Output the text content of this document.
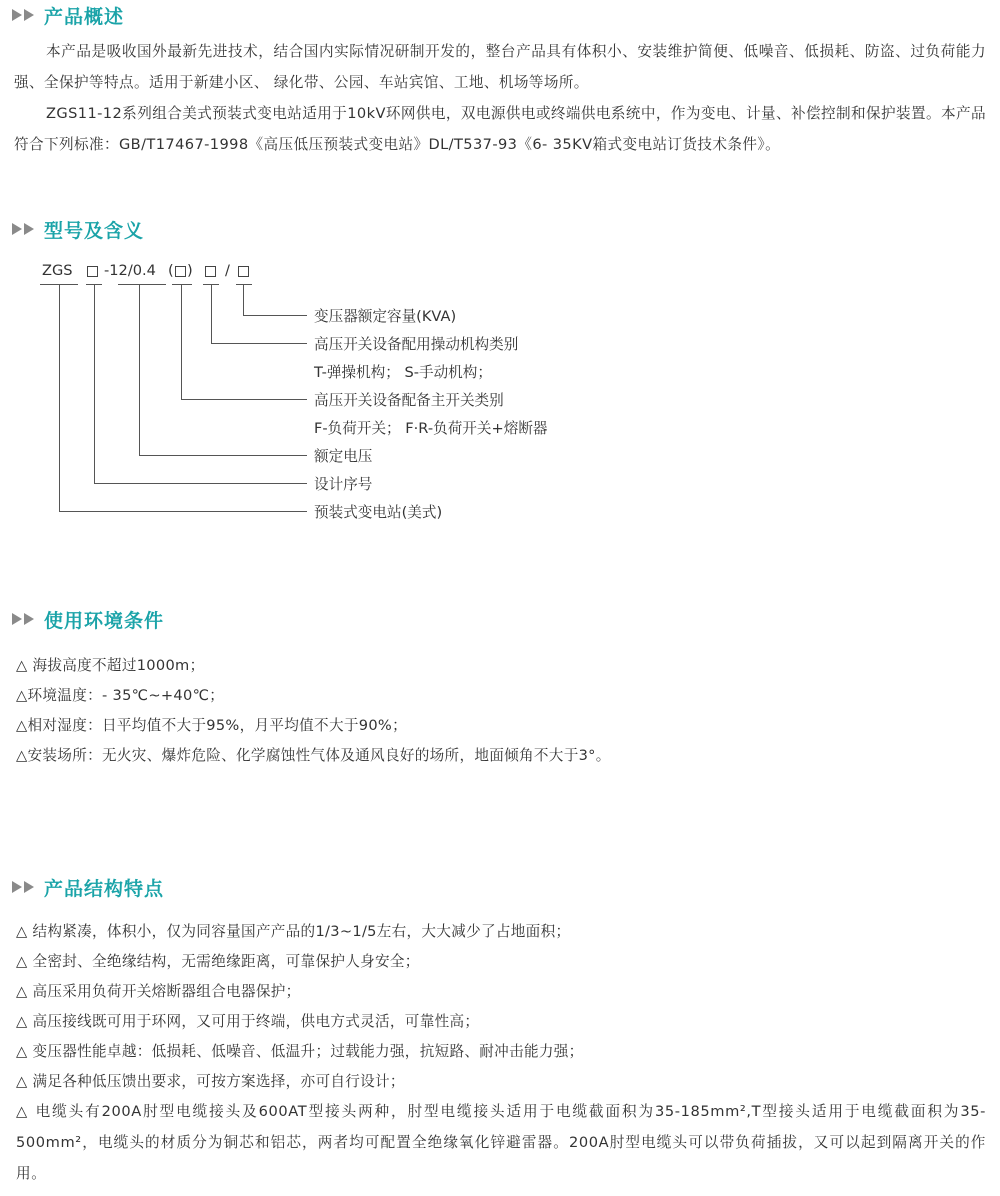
产品概述
本产品是吸收国外最新先进技术，结合国内实际情况研制开发的，整台产品具有体积小、安装维护简便、低噪音、低损耗、防盗、过负荷能力强、全保护等特点。适用于新建小区、 绿化带、公园、车站宾馆、工地、机场等场所。
ZGS11-12系列组合美式预装式变电站适用于10kV环网供电，双电源供电或终端供电系统中，作为变电、计量、补偿控制和保护装置。本产品符合下列标准：GB/T17467-1998《高压低压预装式变电站》DL/T537-93《6- 35KV箱式变电站订货技术条件》。
型号及含义
ZGS -12/0.4 ( ) /
变压器额定容量(KVA)
高压开关设备配用操动机构类别
T-弹操机构； S-手动机构；
高压开关设备配备主开关类别
F-负荷开关； F·R-负荷开关+熔断器
额定电压
设计序号
预装式变电站(美式)
使用环境条件
△ 海拔高度不超过1000m；
△环境温度：- 35℃~+40℃；
△相对湿度：日平均值不大于95%，月平均值不大于90%；
△安装场所：无火灾、爆炸危险、化学腐蚀性气体及通风良好的场所，地面倾角不大于3°。
产品结构特点
△ 结构紧凑，体积小，仅为同容量国产产品的1/3~1/5左右，大大减少了占地面积；
△ 全密封、全绝缘结构，无需绝缘距离，可靠保护人身安全；
△ 高压采用负荷开关熔断器组合电器保护；
△ 高压接线既可用于环网，又可用于终端，供电方式灵活，可靠性高；
△ 变压器性能卓越：低损耗、低噪音、低温升；过载能力强，抗短路、耐冲击能力强；
△ 满足各种低压馈出要求，可按方案选择，亦可自行设计；
△ 电缆头有200A肘型电缆接头及600AT型接头两种，肘型电缆接头适用于电缆截面积为35-185mm²,T型接头适用于电缆截面积为35-500mm²，电缆头的材质分为铜芯和铝芯，两者均可配置全绝缘氧化锌避雷器。200A肘型电缆头可以带负荷插拔，又可以起到隔离开关的作用。
